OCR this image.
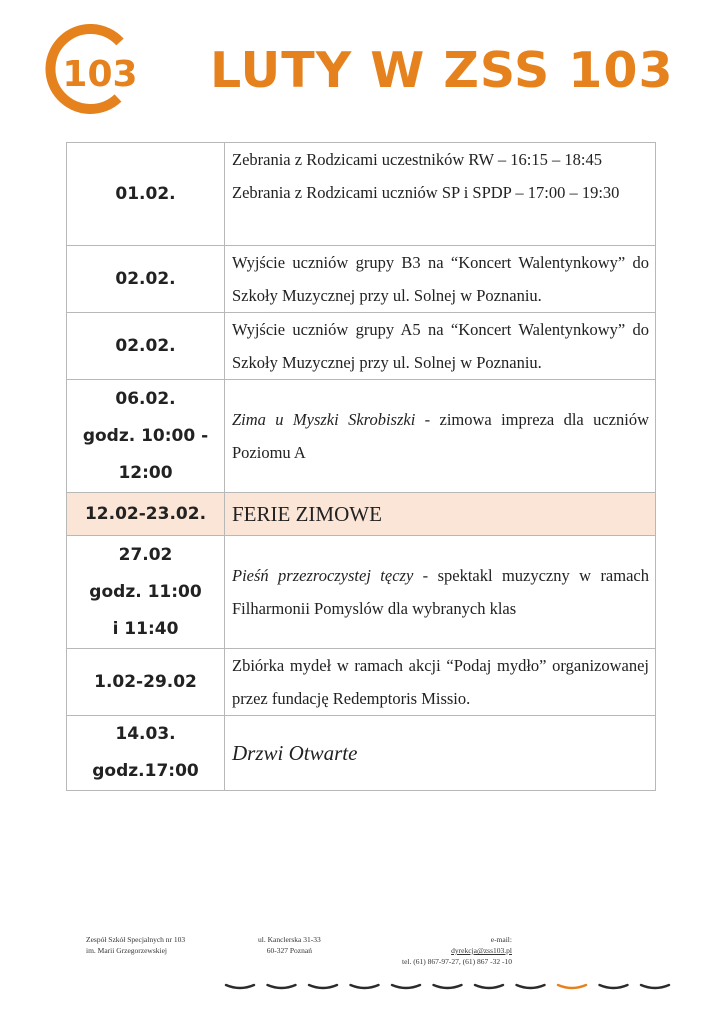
103 LUTY W ZSS 103
01.02.	Zebrania z Rodzicami uczestników RW – 16:15 – 18:45
Zebrania z Rodzicami uczniów SP i SPDP – 17:00 – 19:30

02.02.	Wyjście uczniów grupy B3 na “Koncert Walentynkowy” do Szkoły Muzycznej przy ul. Solnej w Poznaniu.

02.02.	Wyjście uczniów grupy A5 na “Koncert Walentynkowy” do Szkoły Muzycznej przy ul. Solnej w Poznaniu.

06.02.
godz. 10:00 -
12:00	Zima u Myszki Skrobiszki - zimowa impreza dla uczniów Poziomu A
12.02-23.02.	FERIE ZIMOWE

27.02
godz. 11:00
i 11:40	Pieśń przezroczystej tęczy - spektakl muzyczny w ramach Filharmonii Pomyslów dla wybranych klas
1.02-29.02	Zbiórka mydeł w ramach akcji “Podaj mydło” organizowanej przez fundację Redemptoris Missio.

14.03.
godz.17:00	Drzwi Otwarte
Zespół Szkół Specjalnych nr 103
im. Marii Grzegorzewskiej
ul. Kanclerska 31-33
60-327 Poznań
e-mail:
dyrekcja@zss103.pl
tel. (61) 867-97-27, (61) 867 -32 -10
